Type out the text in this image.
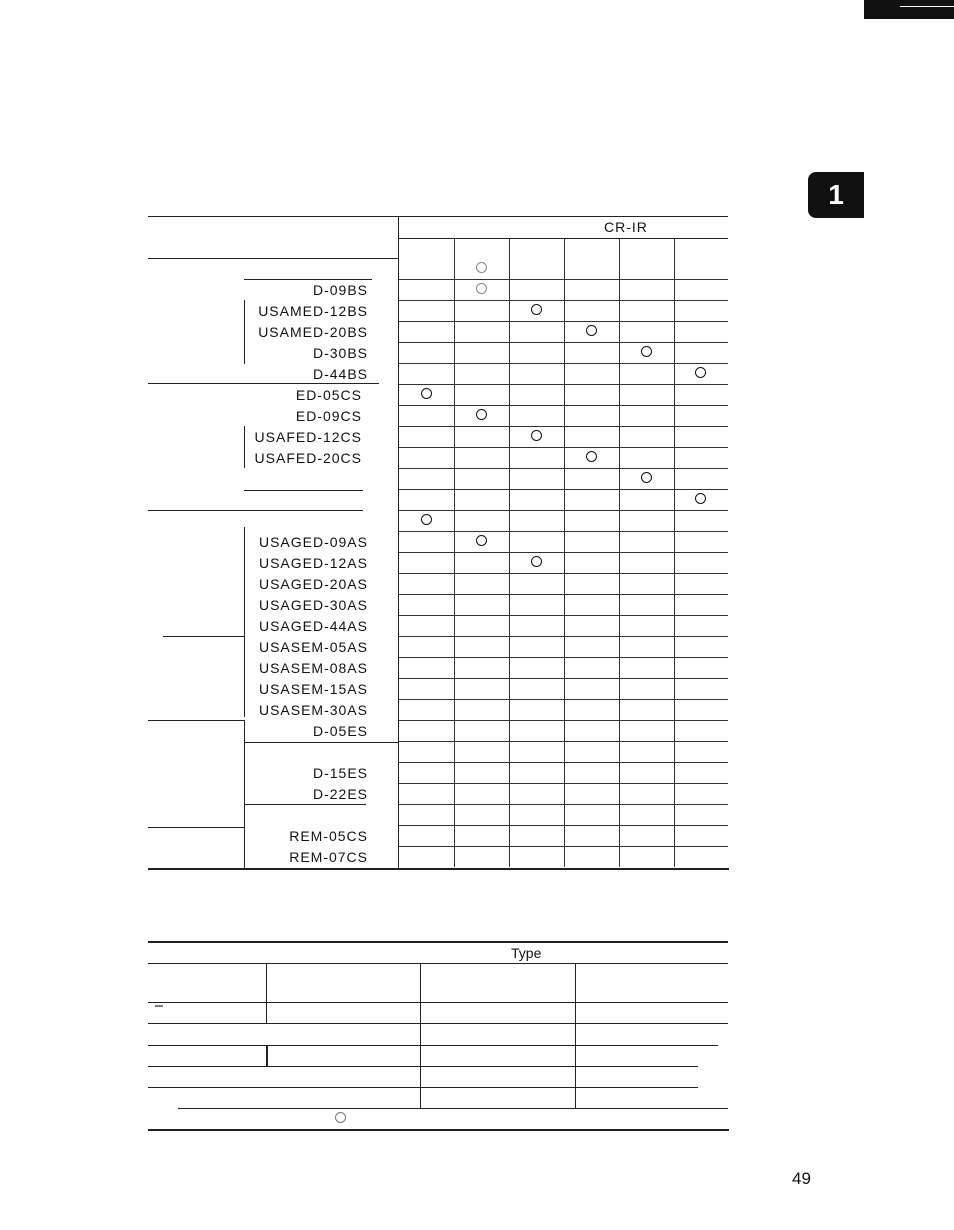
1
CR-IR
D-09BS
USAMED-12BS
USAMED-20BS
D-30BS
D-44BS
ED-05CS
ED-09CS
USAFED-12CS
USAFED-20CS
USAGED-09AS
USAGED-12AS
USAGED-20AS
USAGED-30AS
USAGED-44AS
USASEM-05AS
USASEM-08AS
USASEM-15AS
USASEM-30AS
D-05ES
D-15ES
D-22ES
REM-05CS
REM-07CS
Type
49
